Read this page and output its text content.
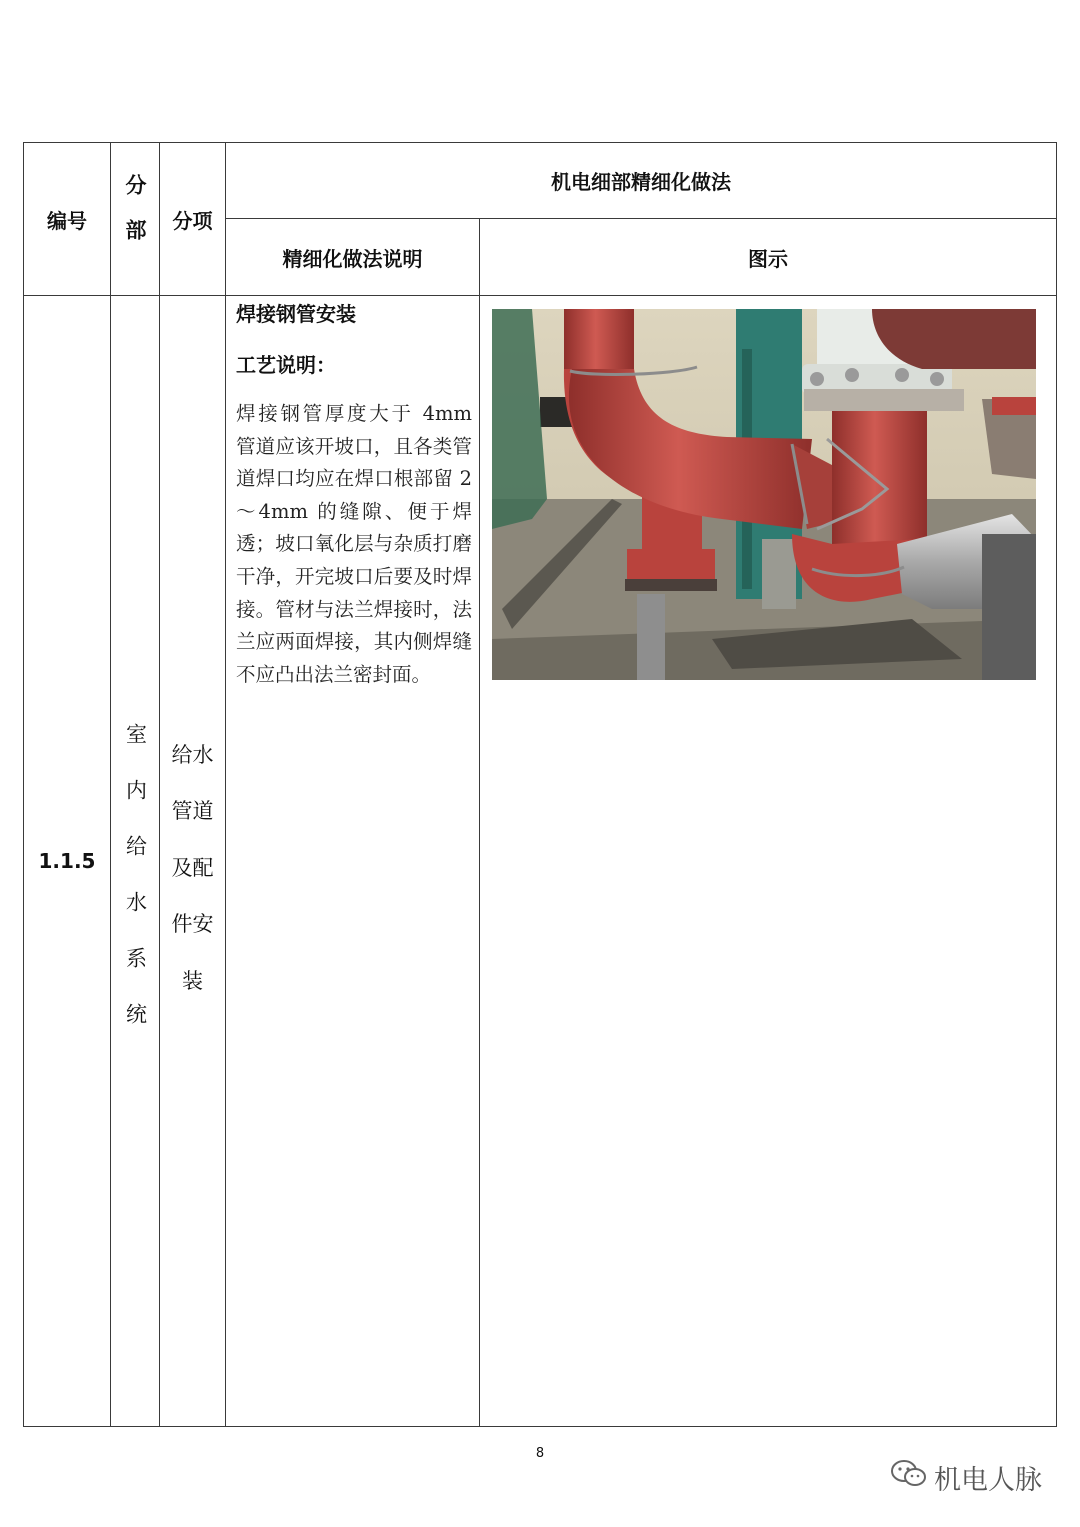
编号 分部 分项
机电细部精细化做法
精细化做法说明	图示
1.1.5 室内给水系统 给水
管道
及配
件安
装
焊接钢管安装
工艺说明：
焊接钢管厚度大于 4mm 管道应该开坡口，且各类管道焊口均应在焊口根部留 2～4mm 的缝隙、便于焊透；坡口氧化层与杂质打磨干净，开完坡口后要及时焊接。管材与法兰焊接时，法兰应两面焊接，其内侧焊缝不应凸出法兰密封面。
8
机电人脉
